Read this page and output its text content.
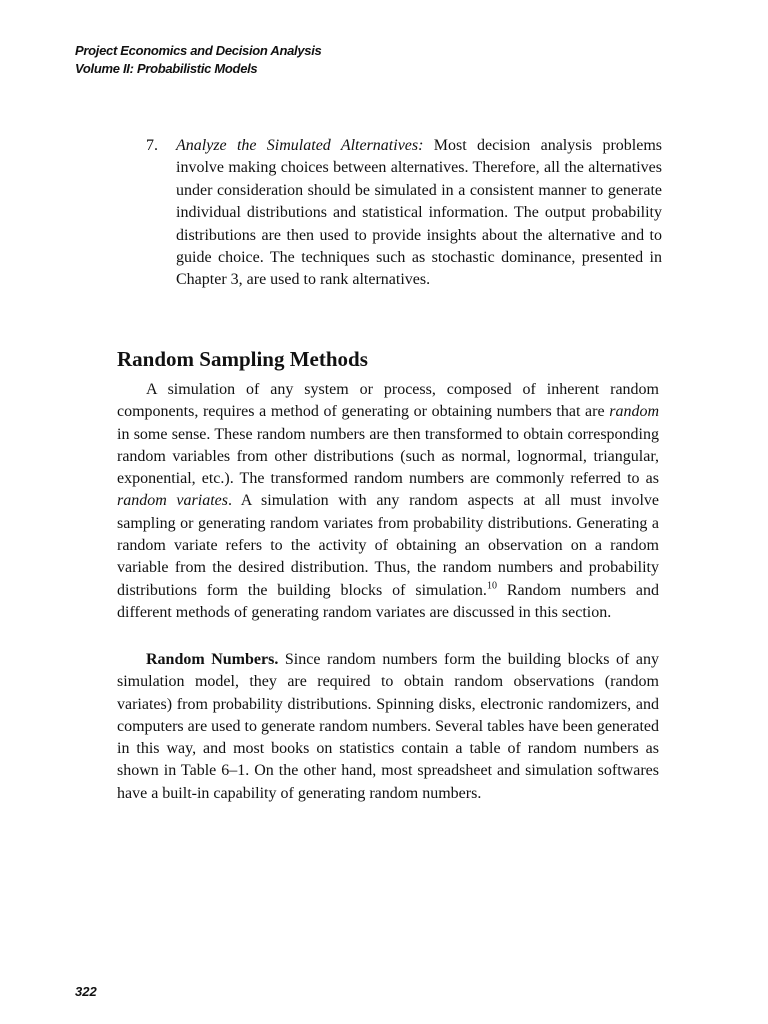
Project Economics and Decision Analysis
Volume II: Probabilistic Models
7. Analyze the Simulated Alternatives: Most decision analysis problems involve making choices between alternatives. Therefore, all the alternatives under consideration should be simulated in a consistent manner to generate individual distributions and statistical information. The output probability distributions are then used to provide insights about the alternative and to guide choice. The techniques such as stochastic dominance, presented in Chapter 3, are used to rank alternatives.
Random Sampling Methods

A simulation of any system or process, composed of inherent random components, requires a method of generating or obtaining numbers that are random in some sense. These random numbers are then transformed to obtain corresponding random variables from other distributions (such as normal, lognormal, triangular, exponential, etc.). The transformed random numbers are commonly referred to as random variates. A simulation with any random aspects at all must involve sampling or generating random variates from probability distributions. Generating a random variate refers to the activity of obtaining an observation on a random variable from the desired distribution. Thus, the random numbers and probability distributions form the building blocks of simulation.$^{10}$ Random numbers and different methods of generating random variates are discussed in this section.

Random Numbers. Since random numbers form the building blocks of any simulation model, they are required to obtain random observations (random variates) from probability distributions. Spinning disks, electronic randomizers, and computers are used to generate random numbers. Several tables have been generated in this way, and most books on statistics contain a table of random numbers as shown in Table 6–1. On the other hand, most spreadsheet and simulation softwares have a built-in capability of generating random numbers.

322
